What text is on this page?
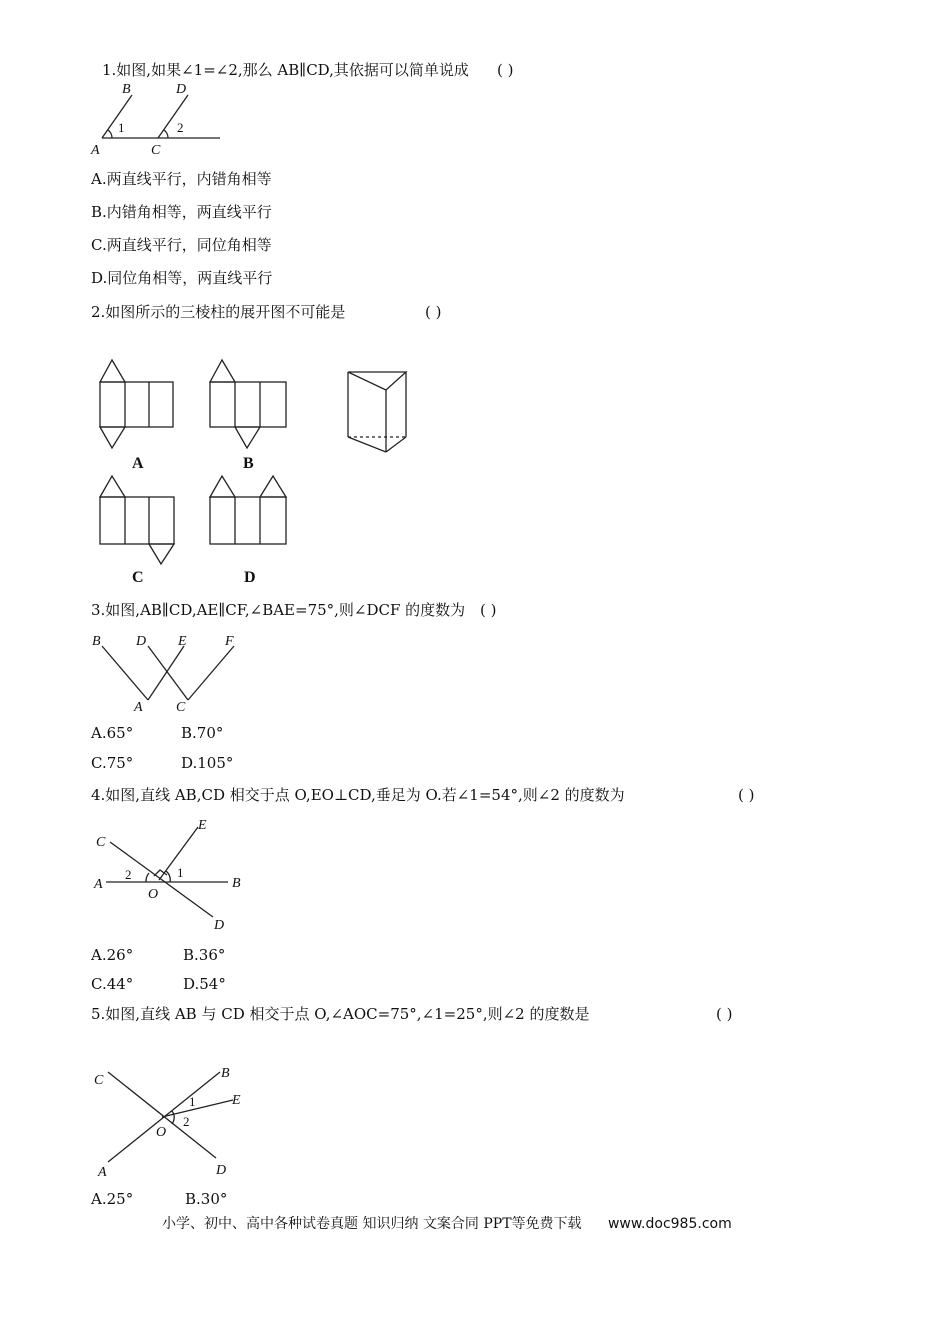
1.如图,如果∠1=∠2,那么 AB∥CD,其依据可以简单说成 ( )
A
B
C
D
1	2
A.两直线平行，内错角相等
B.内错角相等，两直线平行
C.两直线平行，同位角相等
D.同位角相等，两直线平行
2.如图所示的三棱柱的展开图不可能是	( )
A	B
C	D
3.如图,AB∥CD,AE∥CF,∠BAE=75°,则∠DCF 的度数为 ( )
B	D E	F
A C
A.65°	B.70°
C.75°	D.105°
4.如图,直线 AB,CD 相交于点 O,EO⊥CD,垂足为 O.若∠1=54°,则∠2 的度数为	( )
A	B
C
D
E
O
1
2
A.26°	B.36°
C.44°	D.54°
5.如图,直线 AB 与 CD 相交于点 O,∠AOC=75°,∠1=25°,则∠2 的度数是	( )
C	B
E
A	D
O
1
2
A.25°	B.30°
小学、初中、高中各种试卷真题 知识归纳 文案合同 PPT等免费下载 www.doc985.com
